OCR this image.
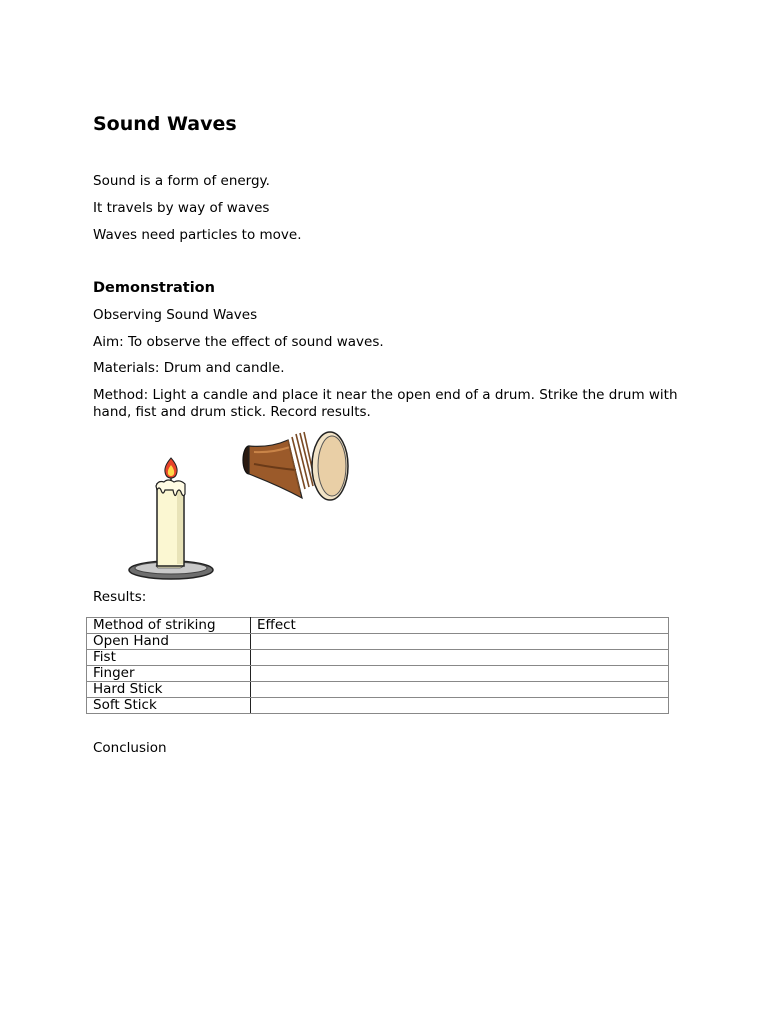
Sound Waves

Sound is a form of energy.

It travels by way of waves

Waves need particles to move.

Demonstration

Observing Sound Waves

Aim: To observe the effect of sound waves.

Materials: Drum and candle.

Method: Light a candle and place it near the open end of a drum. Strike the drum with hand, fist and drum stick. Record results.

Results:

Method of striking	Effect
Open Hand	
Fist	
Finger	
Hard Stick	
Soft Stick	

Conclusion
